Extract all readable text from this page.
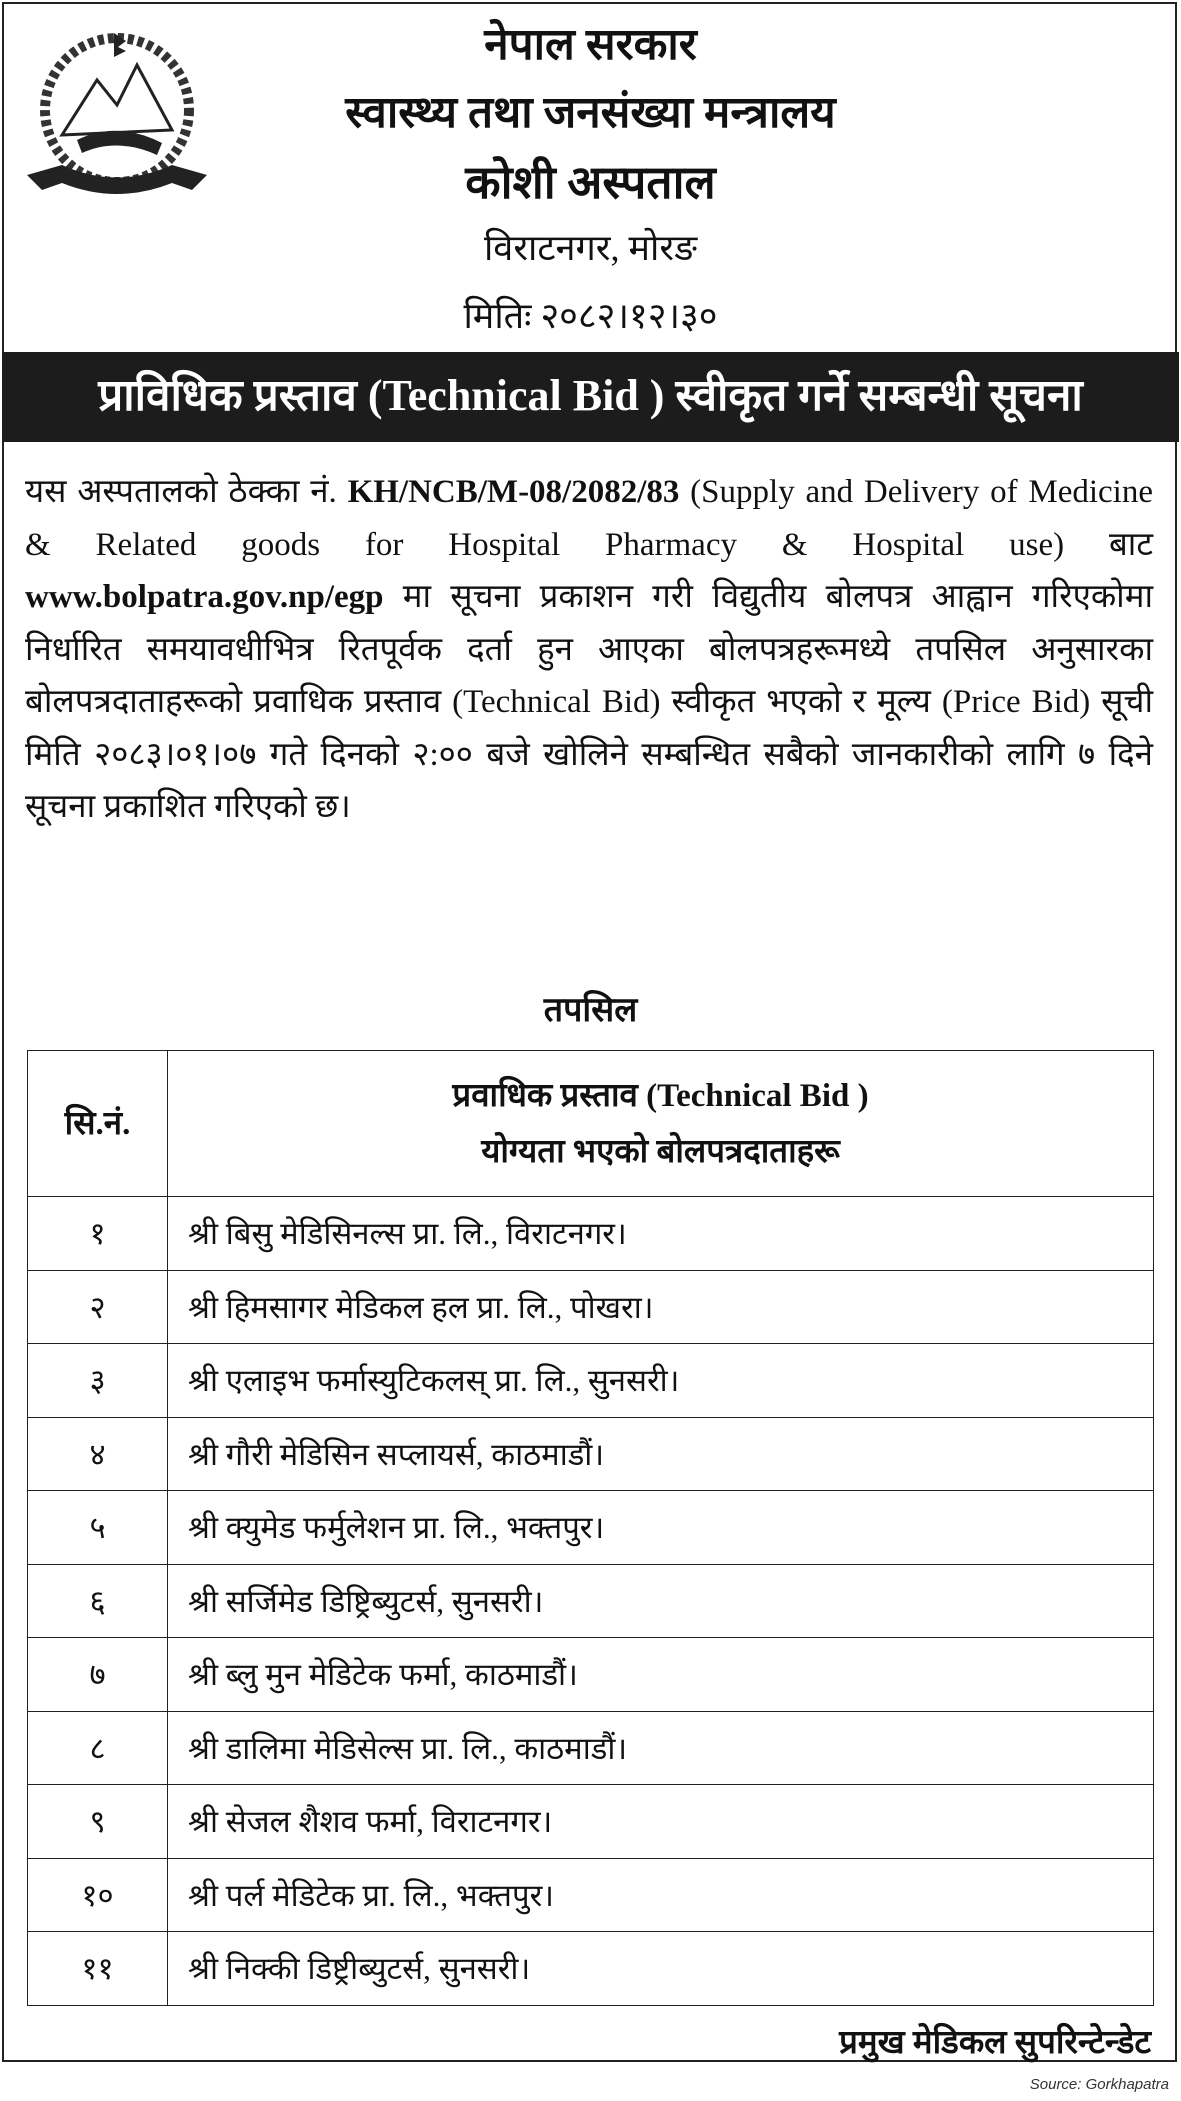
नेपाल सरकार
स्वास्थ्य तथा जनसंख्या मन्त्रालय
कोशी अस्पताल
विराटनगर, मोरङ
मितिः २०८२।१२।३०
प्राविधिक प्रस्ताव (Technical Bid ) स्वीकृत गर्ने सम्बन्धी सूचना
यस अस्पतालको ठेक्का नं. KH/NCB/M-08/2082/83 (Supply and Delivery of Medicine & Related goods for Hospital Pharmacy & Hospital use) बाट www.bolpatra.gov.np/egp मा सूचना प्रकाशन गरी विद्युतीय बोलपत्र आह्वान गरिएकोमा निर्धारित समयावधीभित्र रितपूर्वक दर्ता हुन आएका बोलपत्रहरूमध्ये तपसिल अनुसारका बोलपत्रदाताहरूको प्रवाधिक प्रस्ताव (Technical Bid) स्वीकृत भएको र मूल्य (Price Bid) सूची मिति २०८३।०१।०७ गते दिनको २:०० बजे खोलिने सम्बन्धित सबैको जानकारीको लागि ७ दिने सूचना प्रकाशित गरिएको छ।
तपसिल
सि.नं.	प्रवाधिक प्रस्ताव (Technical Bid )
योग्यता भएको बोलपत्रदाताहरू

१	श्री बिसु मेडिसिनल्स प्रा. लि., विराटनगर।
२	श्री हिमसागर मेडिकल हल प्रा. लि., पोखरा।
३	श्री एलाइभ फर्मास्युटिकलस् प्रा. लि., सुनसरी।
४	श्री गौरी मेडिसिन सप्लायर्स, काठमाडौं।
५	श्री क्युमेड फर्मुलेशन प्रा. लि., भक्तपुर।
६	श्री सर्जिमेड डिष्ट्रिब्युटर्स, सुनसरी।
७	श्री ब्लु मुन मेडिटेक फर्मा, काठमाडौं।
८	श्री डालिमा मेडिसेल्स प्रा. लि., काठमाडौं।
९	श्री सेजल शैशव फर्मा, विराटनगर।
१०	श्री पर्ल मेडिटेक प्रा. लि., भक्तपुर।
११	श्री निक्की डिष्ट्रीब्युटर्स, सुनसरी।
प्रमुख मेडिकल सुपरिन्टेन्डेट
Source: Gorkhapatra
